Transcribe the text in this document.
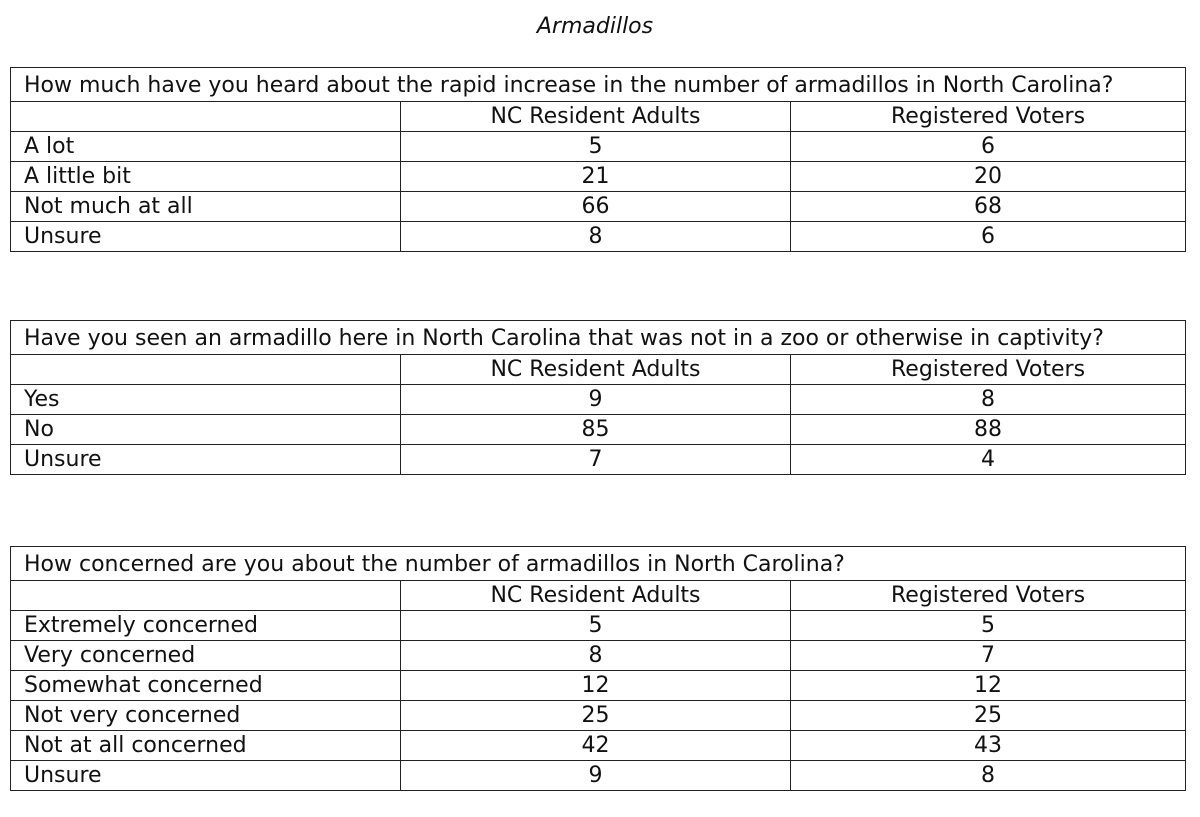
Armadillos
How much have you heard about the rapid increase in the number of armadillos in North Carolina?		
	NC Resident Adults	Registered Voters
A lot	5	6
A little bit	21	20
Not much at all	66	68
Unsure	8	6
Have you seen an armadillo here in North Carolina that was not in a zoo or otherwise in captivity?		
	NC Resident Adults	Registered Voters
Yes	9	8
No	85	88
Unsure	7	4
How concerned are you about the number of armadillos in North Carolina?		
	NC Resident Adults	Registered Voters
Extremely concerned	5	5
Very concerned	8	7
Somewhat concerned	12	12
Not very concerned	25	25
Not at all concerned	42	43
Unsure	9	8
